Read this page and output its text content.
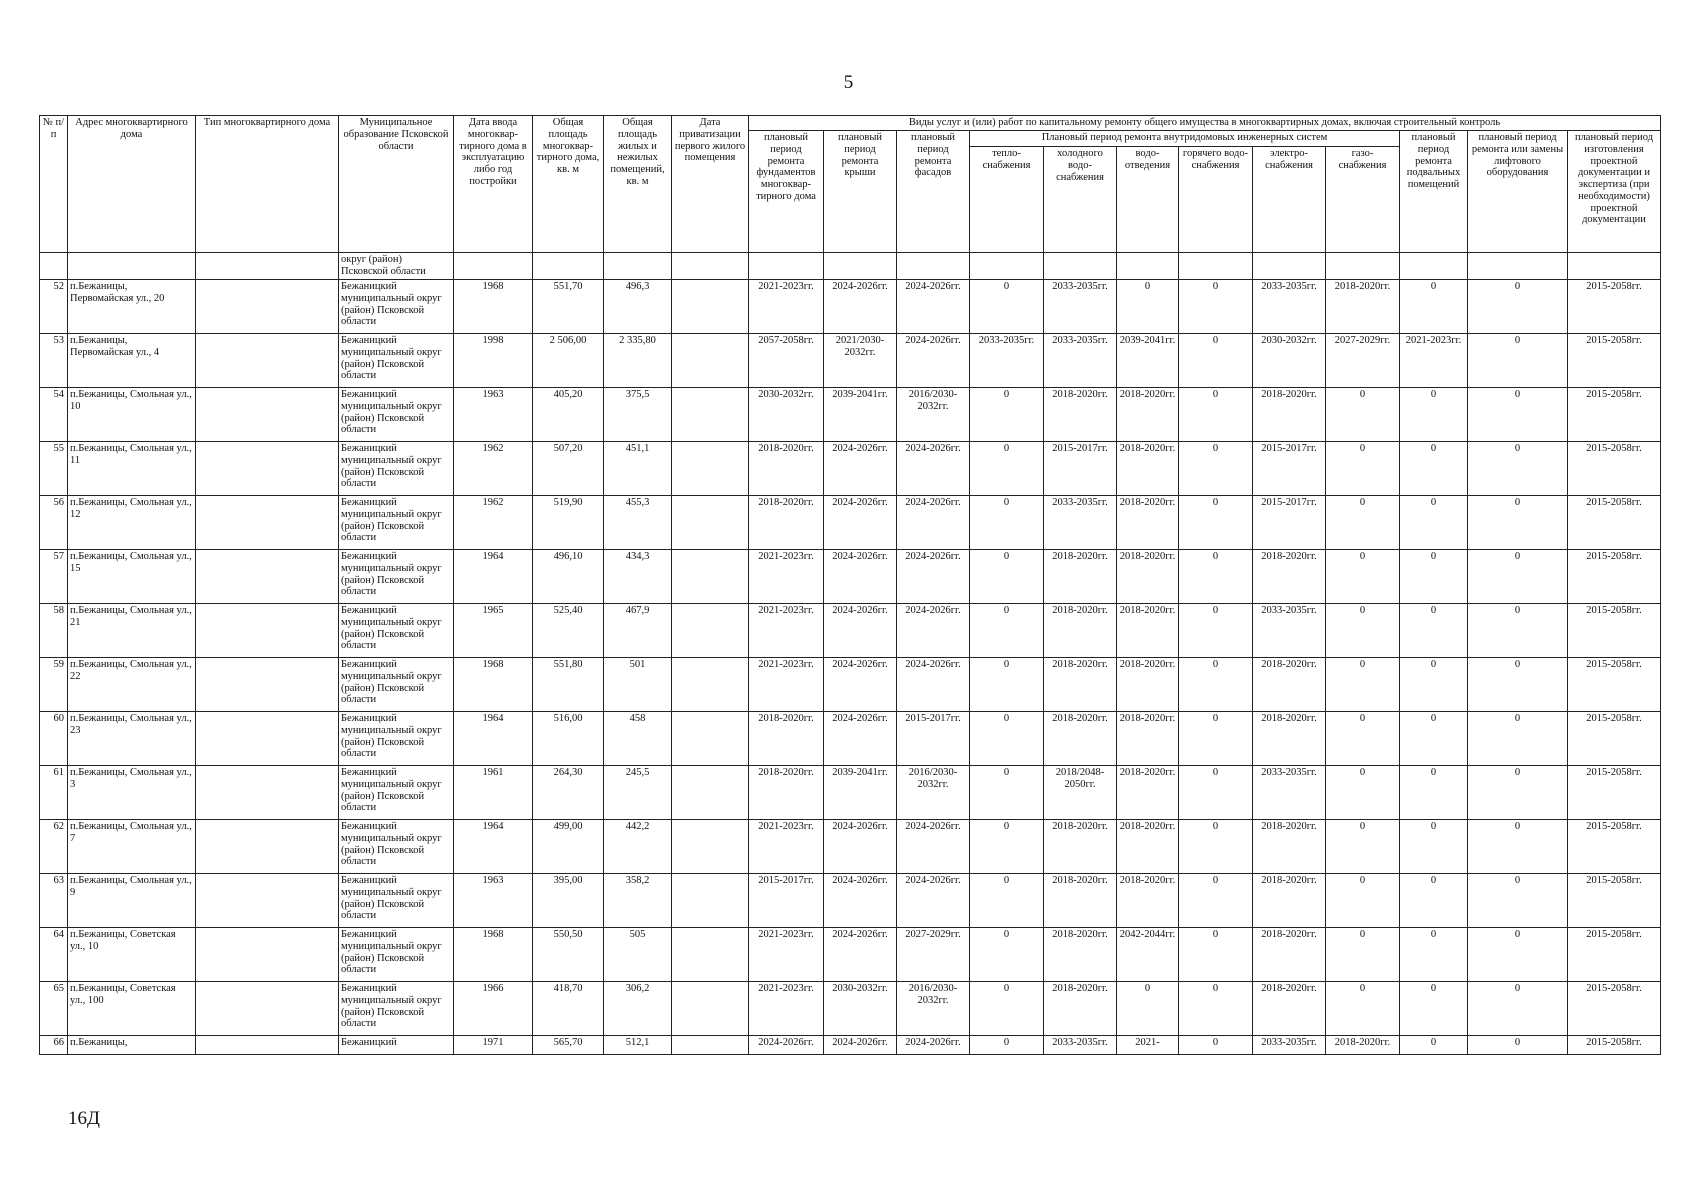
5
№ п/п	Адрес многоквартирного дома	Тип многоквартирного дома	Муниципальное образование Псковской области	Дата ввода многоквар-тирного дома в эксплуатацию либо год постройки	Общая площадь многоквар-тирного дома, кв. м	Общая площадь жилых и нежилых помещений, кв. м	Дата приватизации первого жилого помещения	Виды услуг и (или) работ по капитальному ремонту общего имущества в многоквартирных домах, включая строительный контроль											
								плановый период ремонта фундаментов многоквар-тирного дома	плановый период ремонта крыши	плановый период ремонта фасадов	Плановый период ремонта внутридомовых инженерных систем						плановый период ремонта подвальных помещений	плановый период ремонта или замены лифтового оборудования	плановый период изготовления проектной документации и экспертиза (при необходимости) проектной документации
											тепло-снабжения	холодного водо-снабжения	водо-отведения	горячего водо-снабжения	электро-снабжения	газо-снабжения			
			округ (район) Псковской области																
52	п.Бежаницы, Первомайская ул., 20		Бежаницкий муниципальный округ (район) Псковской области	1968	551,70	496,3		2021-2023гг.	2024-2026гг.	2024-2026гг.	0	2033-2035гг.	0	0	2033-2035гг.	2018-2020гг.	0	0	2015-2058гг.
53	п.Бежаницы, Первомайская ул., 4		Бежаницкий муниципальный округ (район) Псковской области	1998	2 506,00	2 335,80		2057-2058гг.	2021/2030-2032гг.	2024-2026гг.	2033-2035гг.	2033-2035гг.	2039-2041гг.	0	2030-2032гг.	2027-2029гг.	2021-2023гг.	0	2015-2058гг.
54	п.Бежаницы, Смольная ул., 10		Бежаницкий муниципальный округ (район) Псковской области	1963	405,20	375,5		2030-2032гг.	2039-2041гг.	2016/2030-2032гг.	0	2018-2020гг.	2018-2020гг.	0	2018-2020гг.	0	0	0	2015-2058гг.
55	п.Бежаницы, Смольная ул., 11		Бежаницкий муниципальный округ (район) Псковской области	1962	507,20	451,1		2018-2020гг.	2024-2026гг.	2024-2026гг.	0	2015-2017гг.	2018-2020гг.	0	2015-2017гг.	0	0	0	2015-2058гг.
56	п.Бежаницы, Смольная ул., 12		Бежаницкий муниципальный округ (район) Псковской области	1962	519,90	455,3		2018-2020гг.	2024-2026гг.	2024-2026гг.	0	2033-2035гг.	2018-2020гг.	0	2015-2017гг.	0	0	0	2015-2058гг.
57	п.Бежаницы, Смольная ул., 15		Бежаницкий муниципальный округ (район) Псковской области	1964	496,10	434,3		2021-2023гг.	2024-2026гг.	2024-2026гг.	0	2018-2020гг.	2018-2020гг.	0	2018-2020гг.	0	0	0	2015-2058гг.
58	п.Бежаницы, Смольная ул., 21		Бежаницкий муниципальный округ (район) Псковской области	1965	525,40	467,9		2021-2023гг.	2024-2026гг.	2024-2026гг.	0	2018-2020гг.	2018-2020гг.	0	2033-2035гг.	0	0	0	2015-2058гг.
59	п.Бежаницы, Смольная ул., 22		Бежаницкий муниципальный округ (район) Псковской области	1968	551,80	501		2021-2023гг.	2024-2026гг.	2024-2026гг.	0	2018-2020гг.	2018-2020гг.	0	2018-2020гг.	0	0	0	2015-2058гг.
60	п.Бежаницы, Смольная ул., 23		Бежаницкий муниципальный округ (район) Псковской области	1964	516,00	458		2018-2020гг.	2024-2026гг.	2015-2017гг.	0	2018-2020гг.	2018-2020гг.	0	2018-2020гг.	0	0	0	2015-2058гг.
61	п.Бежаницы, Смольная ул., 3		Бежаницкий муниципальный округ (район) Псковской области	1961	264,30	245,5		2018-2020гг.	2039-2041гг.	2016/2030-2032гг.	0	2018/2048-2050гг.	2018-2020гг.	0	2033-2035гг.	0	0	0	2015-2058гг.
62	п.Бежаницы, Смольная ул., 7		Бежаницкий муниципальный округ (район) Псковской области	1964	499,00	442,2		2021-2023гг.	2024-2026гг.	2024-2026гг.	0	2018-2020гг.	2018-2020гг.	0	2018-2020гг.	0	0	0	2015-2058гг.
63	п.Бежаницы, Смольная ул., 9		Бежаницкий муниципальный округ (район) Псковской области	1963	395,00	358,2		2015-2017гг.	2024-2026гг.	2024-2026гг.	0	2018-2020гг.	2018-2020гг.	0	2018-2020гг.	0	0	0	2015-2058гг.
64	п.Бежаницы, Советская ул., 10		Бежаницкий муниципальный округ (район) Псковской области	1968	550,50	505		2021-2023гг.	2024-2026гг.	2027-2029гг.	0	2018-2020гг.	2042-2044гг.	0	2018-2020гг.	0	0	0	2015-2058гг.
65	п.Бежаницы, Советская ул., 100		Бежаницкий муниципальный округ (район) Псковской области	1966	418,70	306,2		2021-2023гг.	2030-2032гг.	2016/2030-2032гг.	0	2018-2020гг.	0	0	2018-2020гг.	0	0	0	2015-2058гг.
66	п.Бежаницы,		Бежаницкий	1971	565,70	512,1		2024-2026гг.	2024-2026гг.	2024-2026гг.	0	2033-2035гг.	2021-	0	2033-2035гг.	2018-2020гг.	0	0	2015-2058гг.
16Д
